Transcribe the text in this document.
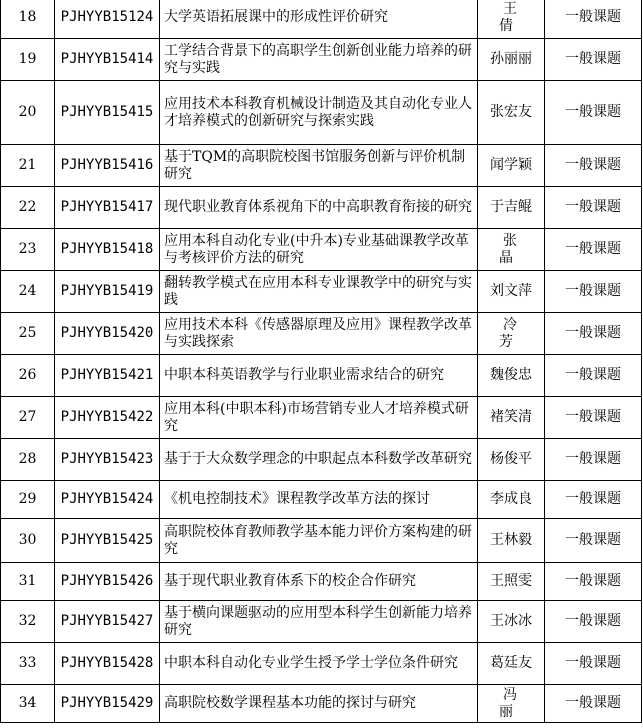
18	PJHYYB15124	大学英语拓展课中的形成性评价研究	王 倩	一般课题
19	PJHYYB15414	工学结合背景下的高职学生创新创业能力培养的研究与实践	孙丽丽	一般课题
20	PJHYYB15415	应用技术本科教育机械设计制造及其自动化专业人才培养模式的创新研究与探索实践	张宏友	一般课题
21	PJHYYB15416	基于TQM的高职院校图书馆服务创新与评价机制研究	闻学颖	一般课题
22	PJHYYB15417	现代职业教育体系视角下的中高职教育衔接的研究	于吉鲲	一般课题
23	PJHYYB15418	应用本科自动化专业(中升本)专业基础课教学改革与考核评价方法的研究	张 晶	一般课题
24	PJHYYB15419	翻转教学模式在应用本科专业课教学中的研究与实践	刘文萍	一般课题
25	PJHYYB15420	应用技术本科《传感器原理及应用》课程教学改革与实践探索	冷 芳	一般课题
26	PJHYYB15421	中职本科英语教学与行业职业需求结合的研究	魏俊忠	一般课题
27	PJHYYB15422	应用本科(中职本科)市场营销专业人才培养模式研究	褚笑清	一般课题
28	PJHYYB15423	基于于大众数学理念的中职起点本科数学改革研究	杨俊平	一般课题
29	PJHYYB15424	《机电控制技术》课程教学改革方法的探讨	李成良	一般课题
30	PJHYYB15425	高职院校体育教师教学基本能力评价方案构建的研究	王林毅	一般课题
31	PJHYYB15426	基于现代职业教育体系下的校企合作研究	王照雯	一般课题
32	PJHYYB15427	基于横向课题驱动的应用型本科学生创新能力培养研究	王冰冰	一般课题
33	PJHYYB15428	中职本科自动化专业学生授予学士学位条件研究	葛廷友	一般课题
34	PJHYYB15429	高职院校数学课程基本功能的探讨与研究	冯 丽	一般课题
